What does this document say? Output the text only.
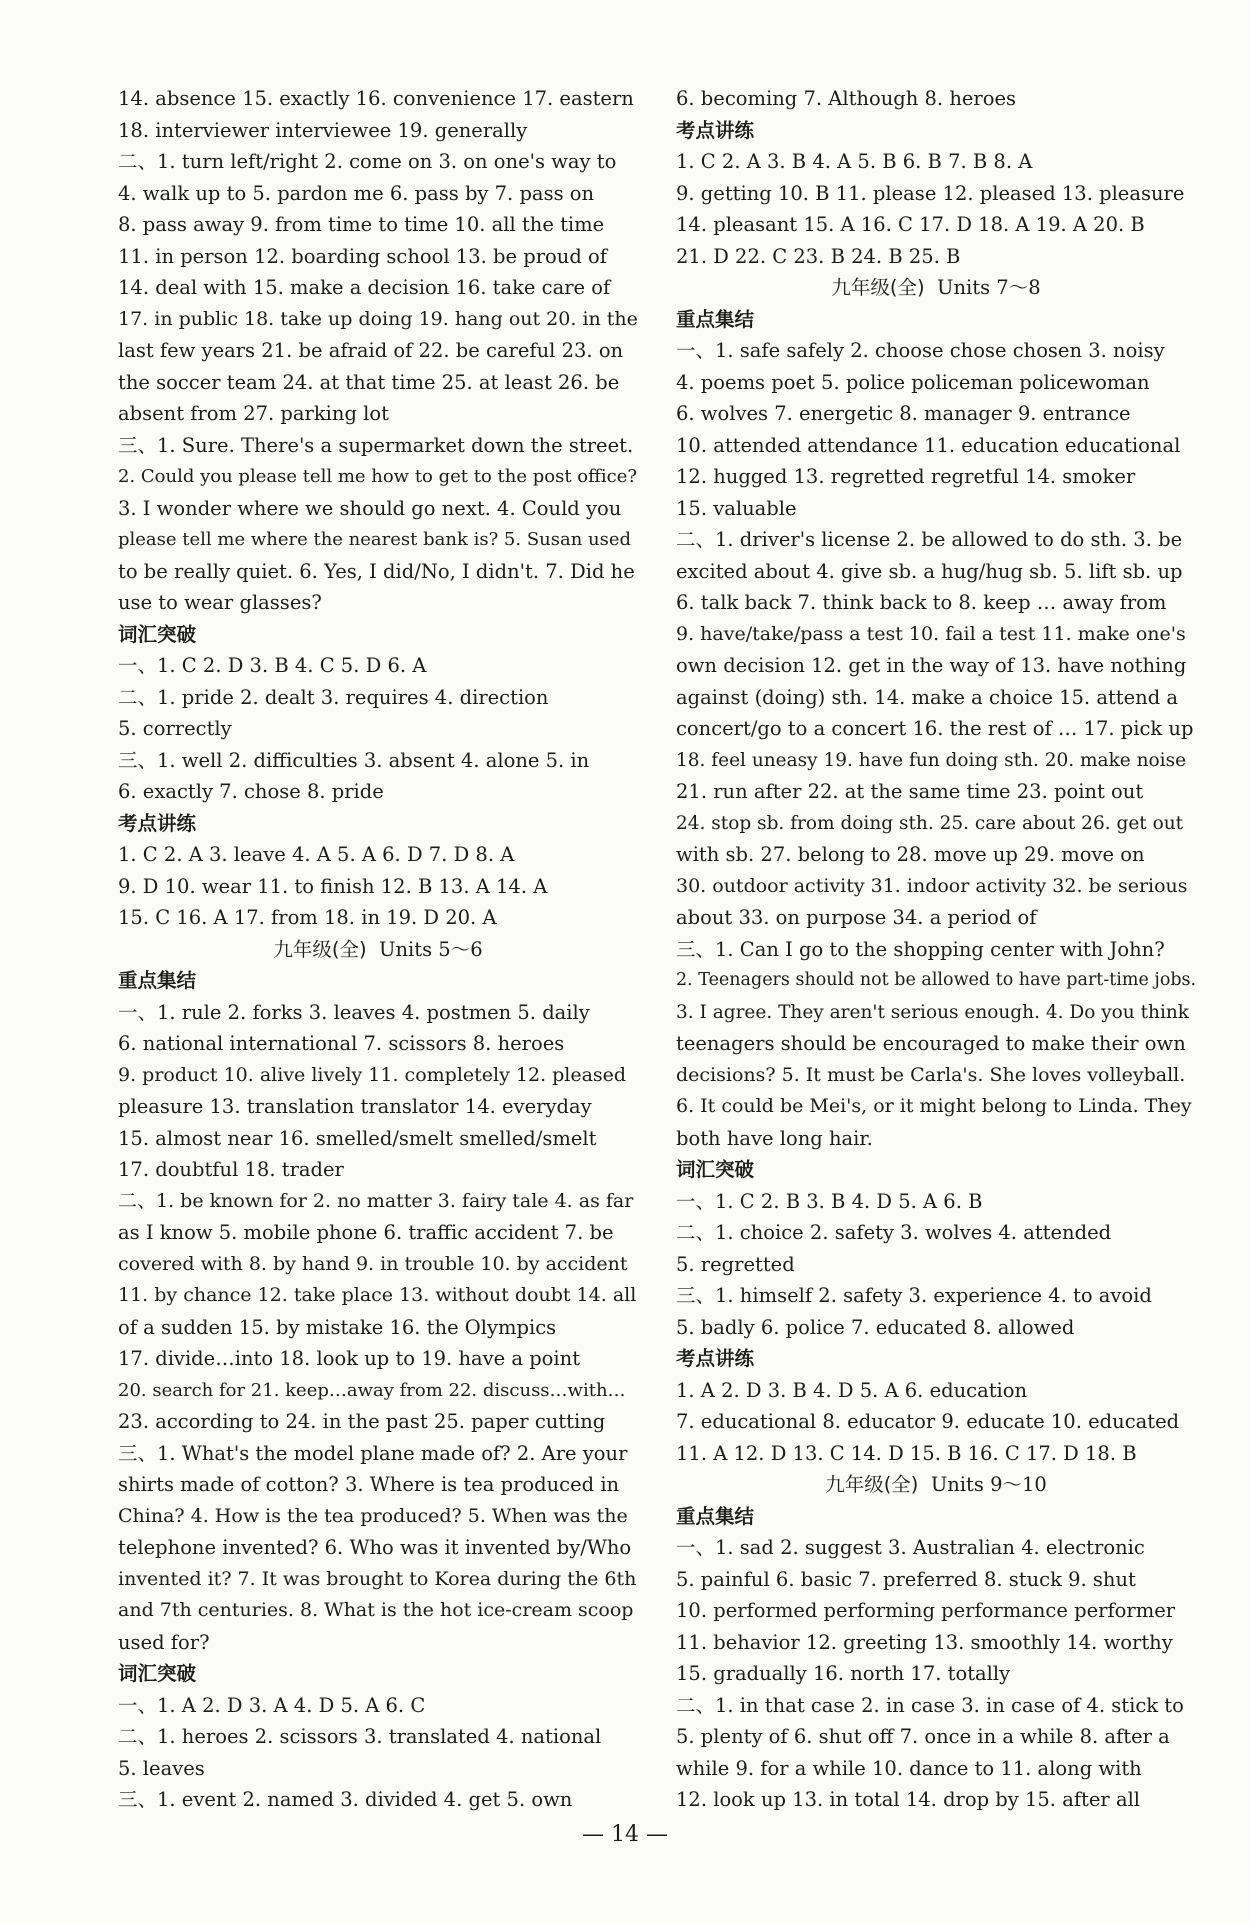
14. absence 15. exactly 16. convenience 17. eastern
18. interviewer interviewee 19. generally
二、1. turn left/right 2. come on 3. on one's way to
4. walk up to 5. pardon me 6. pass by 7. pass on
8. pass away 9. from time to time 10. all the time
11. in person 12. boarding school 13. be proud of
14. deal with 15. make a decision 16. take care of
17. in public 18. take up doing 19. hang out 20. in the
last few years 21. be afraid of 22. be careful 23. on
the soccer team 24. at that time 25. at least 26. be
absent from 27. parking lot
三、1. Sure. There's a supermarket down the street.
2. Could you please tell me how to get to the post office?
3. I wonder where we should go next. 4. Could you
please tell me where the nearest bank is? 5. Susan used
to be really quiet. 6. Yes, I did/No, I didn't. 7. Did he
use to wear glasses?
词汇突破
一、1. C 2. D 3. B 4. C 5. D 6. A
二、1. pride 2. dealt 3. requires 4. direction
5. correctly
三、1. well 2. difficulties 3. absent 4. alone 5. in
6. exactly 7. chose 8. pride
考点讲练
1. C 2. A 3. leave 4. A 5. A 6. D 7. D 8. A
9. D 10. wear 11. to finish 12. B 13. A 14. A
15. C 16. A 17. from 18. in 19. D 20. A
九年级(全) Units 5～6
重点集结
一、1. rule 2. forks 3. leaves 4. postmen 5. daily
6. national international 7. scissors 8. heroes
9. product 10. alive lively 11. completely 12. pleased
pleasure 13. translation translator 14. everyday
15. almost near 16. smelled/smelt smelled/smelt
17. doubtful 18. trader
二、1. be known for 2. no matter 3. fairy tale 4. as far
as I know 5. mobile phone 6. traffic accident 7. be
covered with 8. by hand 9. in trouble 10. by accident
11. by chance 12. take place 13. without doubt 14. all
of a sudden 15. by mistake 16. the Olympics
17. divide…into 18. look up to 19. have a point
20. search for 21. keep…away from 22. discuss…with…
23. according to 24. in the past 25. paper cutting
三、1. What's the model plane made of? 2. Are your
shirts made of cotton? 3. Where is tea produced in
China? 4. How is the tea produced? 5. When was the
telephone invented? 6. Who was it invented by/Who
invented it? 7. It was brought to Korea during the 6th
and 7th centuries. 8. What is the hot ice-cream scoop
used for?
词汇突破
一、1. A 2. D 3. A 4. D 5. A 6. C
二、1. heroes 2. scissors 3. translated 4. national
5. leaves
三、1. event 2. named 3. divided 4. get 5. own
6. becoming 7. Although 8. heroes
考点讲练
1. C 2. A 3. B 4. A 5. B 6. B 7. B 8. A
9. getting 10. B 11. please 12. pleased 13. pleasure
14. pleasant 15. A 16. C 17. D 18. A 19. A 20. B
21. D 22. C 23. B 24. B 25. B
九年级(全) Units 7～8
重点集结
一、1. safe safely 2. choose chose chosen 3. noisy
4. poems poet 5. police policeman policewoman
6. wolves 7. energetic 8. manager 9. entrance
10. attended attendance 11. education educational
12. hugged 13. regretted regretful 14. smoker
15. valuable
二、1. driver's license 2. be allowed to do sth. 3. be
excited about 4. give sb. a hug/hug sb. 5. lift sb. up
6. talk back 7. think back to 8. keep … away from
9. have/take/pass a test 10. fail a test 11. make one's
own decision 12. get in the way of 13. have nothing
against (doing) sth. 14. make a choice 15. attend a
concert/go to a concert 16. the rest of … 17. pick up
18. feel uneasy 19. have fun doing sth. 20. make noise
21. run after 22. at the same time 23. point out
24. stop sb. from doing sth. 25. care about 26. get out
with sb. 27. belong to 28. move up 29. move on
30. outdoor activity 31. indoor activity 32. be serious
about 33. on purpose 34. a period of
三、1. Can I go to the shopping center with John?
2. Teenagers should not be allowed to have part-time jobs.
3. I agree. They aren't serious enough. 4. Do you think
teenagers should be encouraged to make their own
decisions? 5. It must be Carla's. She loves volleyball.
6. It could be Mei's, or it might belong to Linda. They
both have long hair.
词汇突破
一、1. C 2. B 3. B 4. D 5. A 6. B
二、1. choice 2. safety 3. wolves 4. attended
5. regretted
三、1. himself 2. safety 3. experience 4. to avoid
5. badly 6. police 7. educated 8. allowed
考点讲练
1. A 2. D 3. B 4. D 5. A 6. education
7. educational 8. educator 9. educate 10. educated
11. A 12. D 13. C 14. D 15. B 16. C 17. D 18. B
九年级(全) Units 9～10
重点集结
一、1. sad 2. suggest 3. Australian 4. electronic
5. painful 6. basic 7. preferred 8. stuck 9. shut
10. performed performing performance performer
11. behavior 12. greeting 13. smoothly 14. worthy
15. gradually 16. north 17. totally
二、1. in that case 2. in case 3. in case of 4. stick to
5. plenty of 6. shut off 7. once in a while 8. after a
while 9. for a while 10. dance to 11. along with
12. look up 13. in total 14. drop by 15. after all
— 14 —
